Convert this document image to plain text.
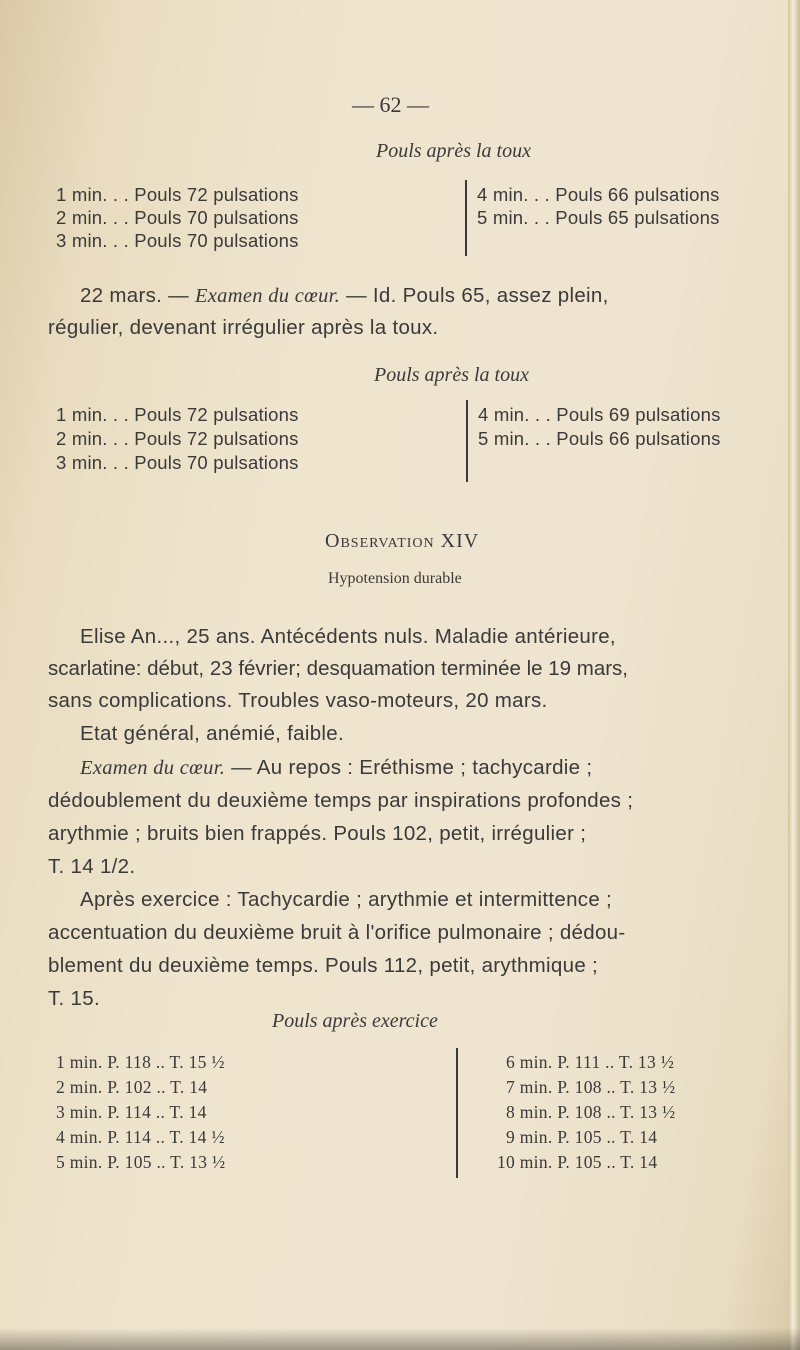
— 62 —
Pouls après la toux
1 min. . . Pouls 72 pulsations
2 min. . . Pouls 70 pulsations
3 min. . . Pouls 70 pulsations
4 min. . . Pouls 66 pulsations
5 min. . . Pouls 65 pulsations
22 mars. — Examen du cœur. — Id. Pouls 65, assez plein,
régulier, devenant irrégulier après la toux.
Pouls après la toux
1 min. . . Pouls 72 pulsations
2 min. . . Pouls 72 pulsations
3 min. . . Pouls 70 pulsations
4 min. . . Pouls 69 pulsations
5 min. . . Pouls 66 pulsations
Observation XIV
Hypotension durable
Elise An..., 25 ans. Antécédents nuls. Maladie antérieure,
scarlatine: début, 23 février; desquamation terminée le 19 mars,
sans complications. Troubles vaso-moteurs, 20 mars.
Etat général, anémié, faible.
Examen du cœur. — Au repos : Eréthisme ; tachycardie ;
dédoublement du deuxième temps par inspirations profondes ;
arythmie ; bruits bien frappés. Pouls 102, petit, irrégulier ;
T. 14 1/2.
Après exercice : Tachycardie ; arythmie et intermittence ;
accentuation du deuxième bruit à l'orifice pulmonaire ; dédou-
blement du deuxième temps. Pouls 112, petit, arythmique ;
T. 15.
Pouls après exercice
1 min. P. 118 .. T. 15 ½
2 min. P. 102 .. T. 14
3 min. P. 114 .. T. 14
4 min. P. 114 .. T. 14 ½
5 min. P. 105 .. T. 13 ½
6 min. P. 111 .. T. 13 ½
7 min. P. 108 .. T. 13 ½
8 min. P. 108 .. T. 13 ½
9 min. P. 105 .. T. 14
10 min. P. 105 .. T. 14
